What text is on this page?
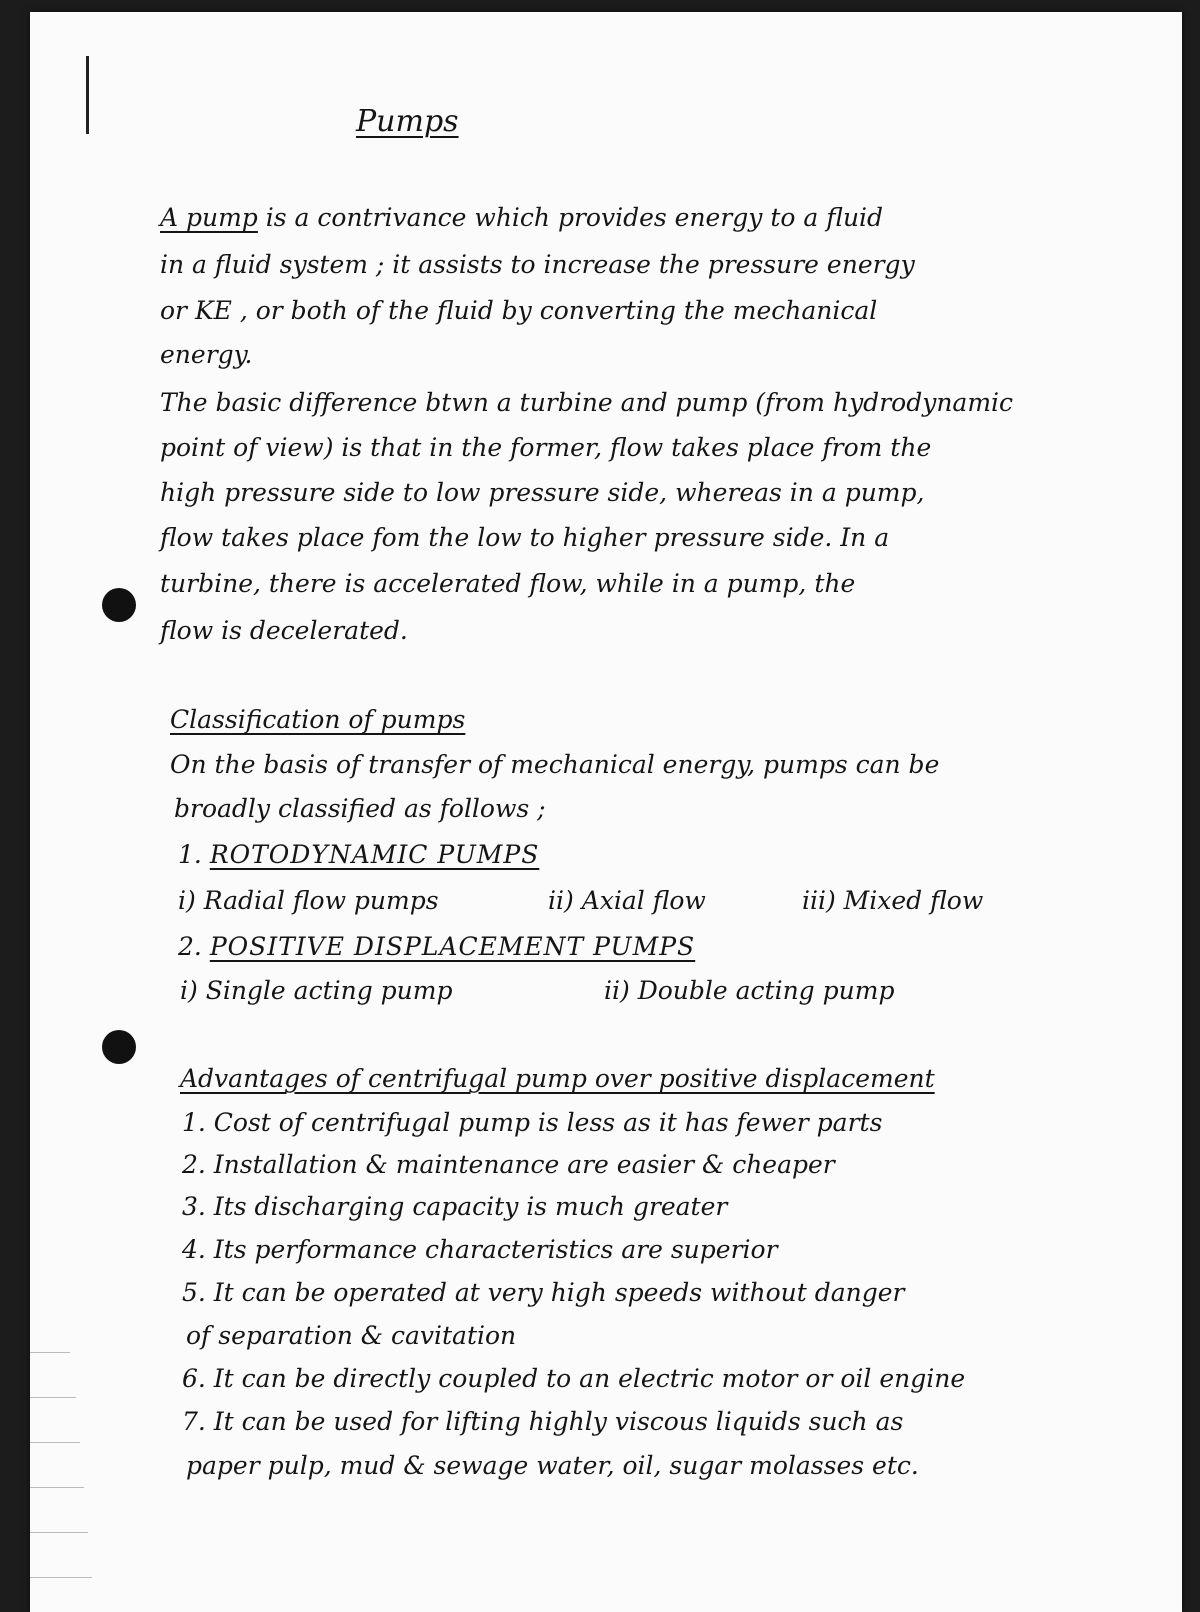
Pumps
A pump is a contrivance which provides energy to a fluid
in a fluid system ; it assists to increase the pressure energy
or KE , or both of the fluid by converting the mechanical
energy.
The basic difference btwn a turbine and pump (from hydrodynamic
point of view) is that in the former, flow takes place from the
high pressure side to low pressure side, whereas in a pump,
flow takes place fom the low to higher pressure side. In a
turbine, there is accelerated flow, while in a pump, the
flow is decelerated.
Classification of pumps
On the basis of transfer of mechanical energy, pumps can be
broadly classified as follows ;
1. ROTODYNAMIC PUMPS
i) Radial flow pumps	ii) Axial flow	iii) Mixed flow
2. POSITIVE DISPLACEMENT PUMPS
i) Single acting pump	ii) Double acting pump
Advantages of centrifugal pump over positive displacement
1. Cost of centrifugal pump is less as it has fewer parts
2. Installation & maintenance are easier & cheaper
3. Its discharging capacity is much greater
4. Its performance characteristics are superior
5. It can be operated at very high speeds without danger
of separation & cavitation
6. It can be directly coupled to an electric motor or oil engine
7. It can be used for lifting highly viscous liquids such as
paper pulp, mud & sewage water, oil, sugar molasses etc.
